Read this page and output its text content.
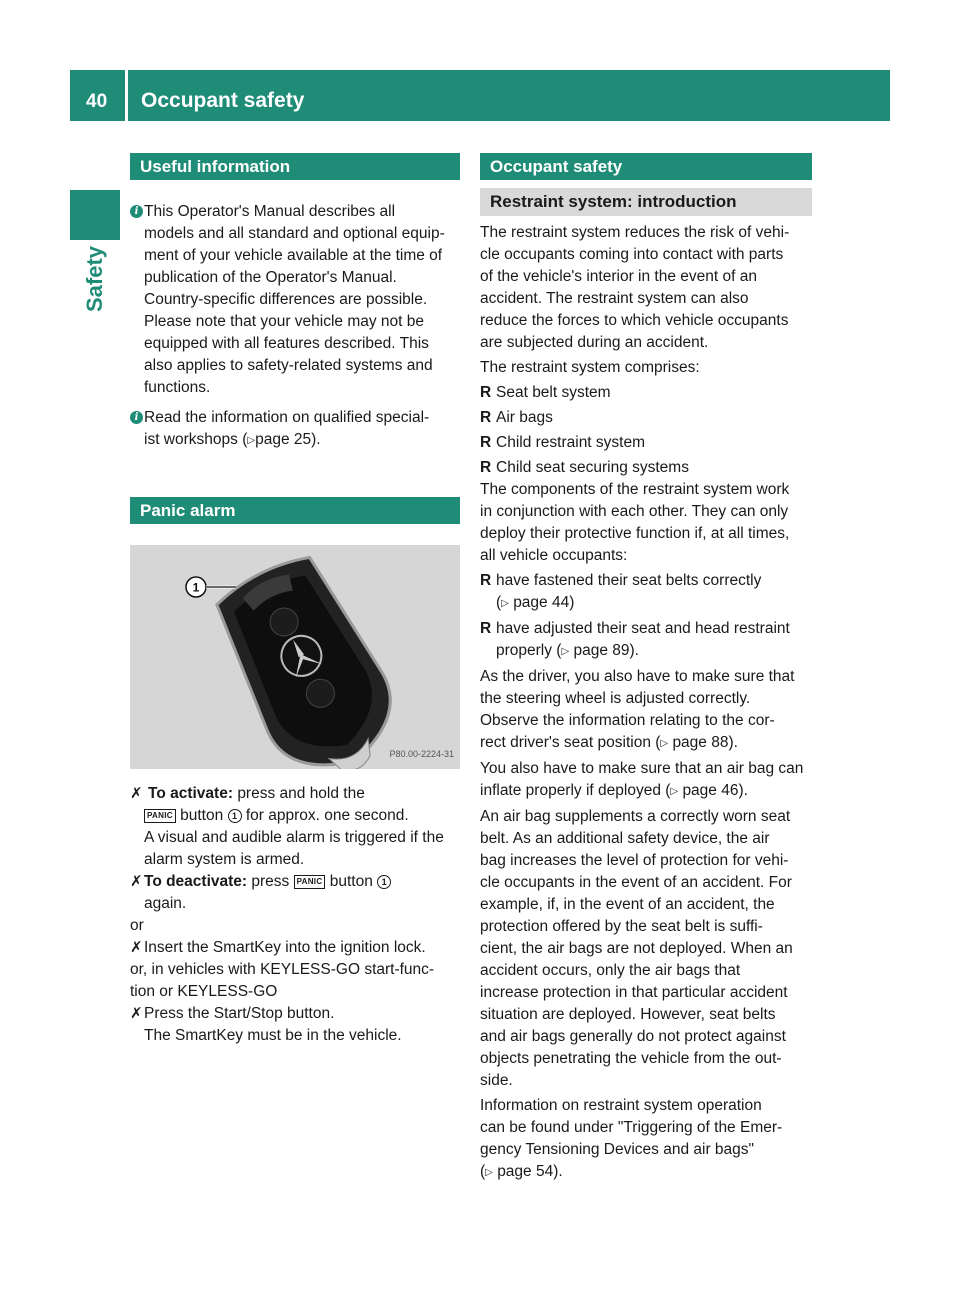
40 Occupant safety
Safety
Useful information
i This Operator's Manual describes all

models and all standard and optional equip-

ment of your vehicle available at the time of

publication of the Operator's Manual.

Country-specific differences are possible.

Please note that your vehicle may not be

equipped with all features described. This

also applies to safety-related systems and

functions.

i Read the information on qualified special-

ist workshops (▷page 25).

Panic alarm
1
P80.00-2224-31
✗ To activate: press and hold the

PANIC button 1 for approx. one second.

A visual and audible alarm is triggered if the

alarm system is armed.

✗ To deactivate: press PANIC button 1

again.

or

✗ Insert the SmartKey into the ignition lock.

or, in vehicles with KEYLESS-GO start-func-

tion or KEYLESS-GO

✗ Press the Start/Stop button.

The SmartKey must be in the vehicle.

Occupant safety
Restraint system: introduction

The restraint system reduces the risk of vehi-

cle occupants coming into contact with parts

of the vehicle's interior in the event of an

accident. The restraint system can also

reduce the forces to which vehicle occupants

are subjected during an accident.

The restraint system comprises:

R Seat belt system

R Air bags

R Child restraint system

R Child seat securing systems

The components of the restraint system work

in conjunction with each other. They can only

deploy their protective function if, at all times,

all vehicle occupants:

R have fastened their seat belts correctly

(▷ page 44)

R have adjusted their seat and head restraint

properly (▷ page 89).

As the driver, you also have to make sure that

the steering wheel is adjusted correctly.

Observe the information relating to the cor-

rect driver's seat position (▷ page 88).

You also have to make sure that an air bag can

inflate properly if deployed (▷ page 46).

An air bag supplements a correctly worn seat

belt. As an additional safety device, the air

bag increases the level of protection for vehi-

cle occupants in the event of an accident. For

example, if, in the event of an accident, the

protection offered by the seat belt is suffi-

cient, the air bags are not deployed. When an

accident occurs, only the air bags that

increase protection in that particular accident

situation are deployed. However, seat belts

and air bags generally do not protect against

objects penetrating the vehicle from the out-

side.

Information on restraint system operation

can be found under "Triggering of the Emer-

gency Tensioning Devices and air bags"

(▷ page 54).
